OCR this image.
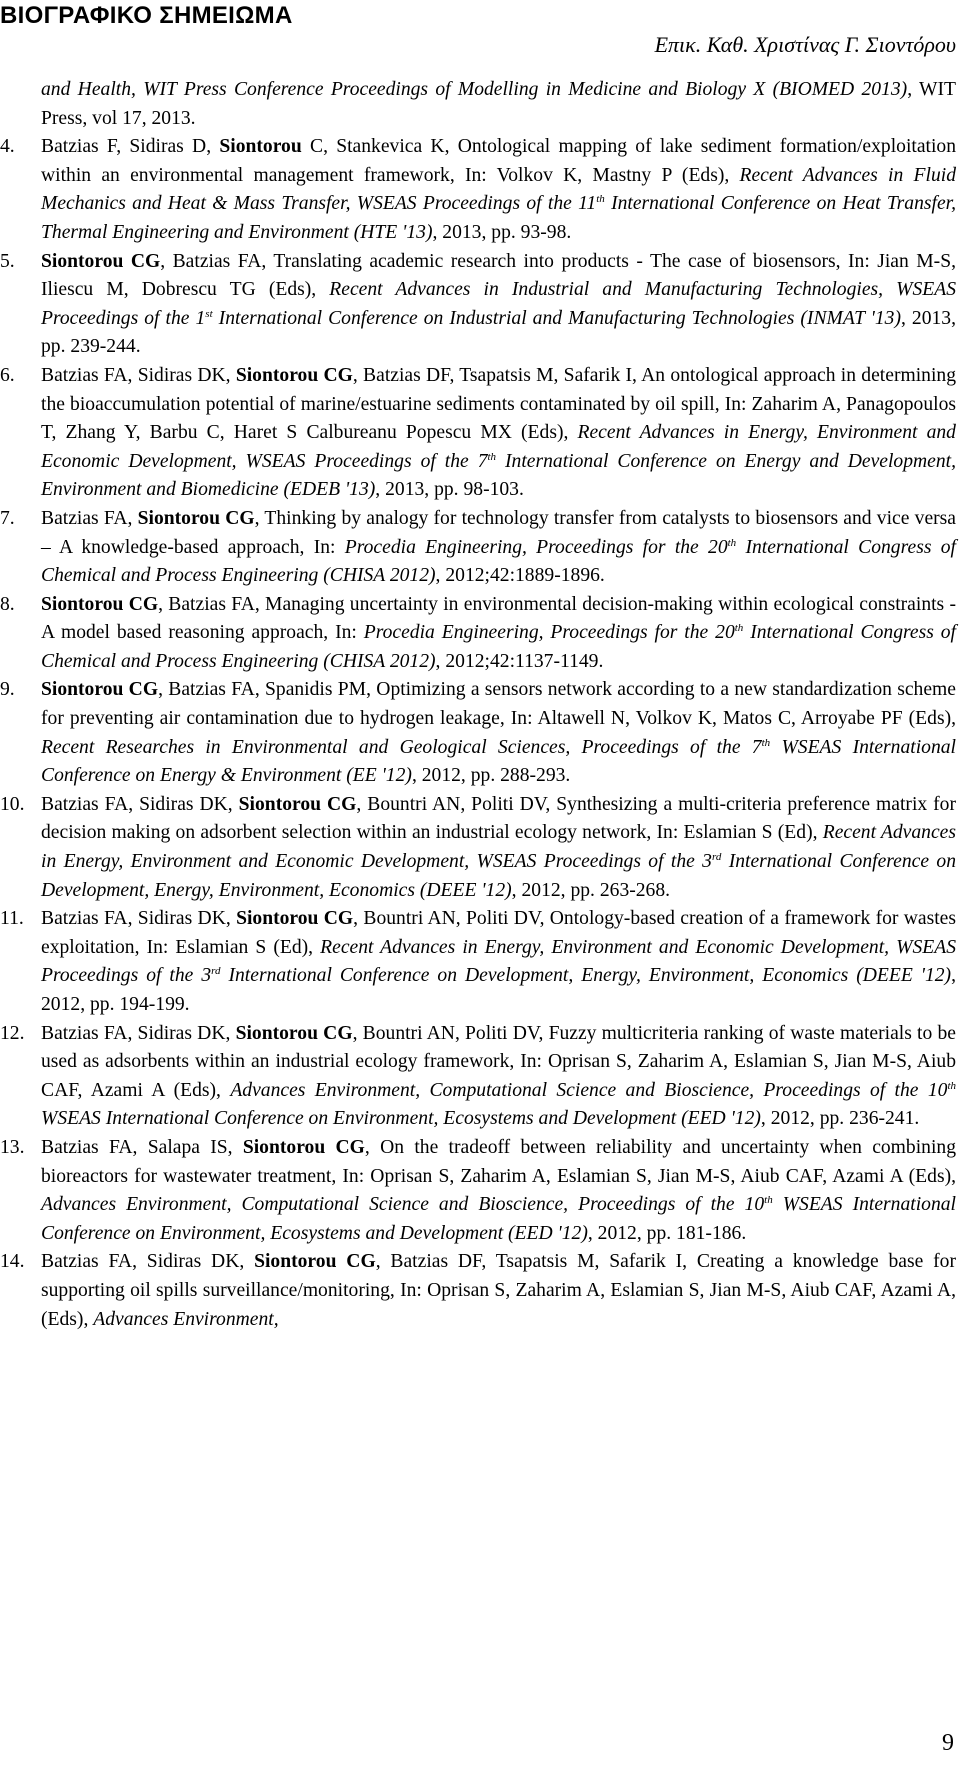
ΒΙΟΓΡΑΦΙΚΟ ΣΗΜΕΙΩΜΑ

Επικ. Καθ. Χριστίνας Γ. Σιοντόρου

and Health, WIT Press Conference Proceedings of Modelling in Medicine and Biology X (BIOMED 2013), WIT Press, vol 17, 2013.

4. Batzias F, Sidiras D, Siontorou C, Stankevica K, Ontological mapping of lake sediment formation/exploitation within an environmental management framework, In: Volkov K, Mastny P (Eds), Recent Advances in Fluid Mechanics and Heat & Mass Transfer, WSEAS Proceedings of the 11th International Conference on Heat Transfer, Thermal Engineering and Environment (HTE '13), 2013, pp. 93-98.

5. Siontorou CG, Batzias FA, Translating academic research into products - The case of biosensors, In: Jian M-S, Iliescu M, Dobrescu TG (Eds), Recent Advances in Industrial and Manufacturing Technologies, WSEAS Proceedings of the 1st International Conference on Industrial and Manufacturing Technologies (INMAT '13), 2013, pp. 239-244.

6. Batzias FA, Sidiras DK, Siontorou CG, Batzias DF, Tsapatsis M, Safarik I, An ontological approach in determining the bioaccumulation potential of marine/estuarine sediments contaminated by oil spill, In: Zaharim A, Panagopoulos T, Zhang Y, Barbu C, Haret S Calbureanu Popescu MX (Eds), Recent Advances in Energy, Environment and Economic Development, WSEAS Proceedings of the 7th International Conference on Energy and Development, Environment and Biomedicine (EDEB '13), 2013, pp. 98-103.

7. Batzias FA, Siontorou CG, Thinking by analogy for technology transfer from catalysts to biosensors and vice versa – A knowledge-based approach, In: Procedia Engineering, Proceedings for the 20th International Congress of Chemical and Process Engineering (CHISA 2012), 2012;42:1889-1896.

8. Siontorou CG, Batzias FA, Managing uncertainty in environmental decision-making within ecological constraints - A model based reasoning approach, In: Procedia Engineering, Proceedings for the 20th International Congress of Chemical and Process Engineering (CHISA 2012), 2012;42:1137-1149.

9. Siontorou CG, Batzias FA, Spanidis PM, Optimizing a sensors network according to a new standardization scheme for preventing air contamination due to hydrogen leakage, In: Altawell N, Volkov K, Matos C, Arroyabe PF (Eds), Recent Researches in Environmental and Geological Sciences, Proceedings of the 7th WSEAS International Conference on Energy & Environment (EE '12), 2012, pp. 288-293.

10. Batzias FA, Sidiras DK, Siontorou CG, Bountri AN, Politi DV, Synthesizing a multi-criteria preference matrix for decision making on adsorbent selection within an industrial ecology network, In: Eslamian S (Ed), Recent Advances in Energy, Environment and Economic Development, WSEAS Proceedings of the 3rd International Conference on Development, Energy, Environment, Economics (DEEE '12), 2012, pp. 263-268.

11. Batzias FA, Sidiras DK, Siontorou CG, Bountri AN, Politi DV, Ontology-based creation of a framework for wastes exploitation, In: Eslamian S (Ed), Recent Advances in Energy, Environment and Economic Development, WSEAS Proceedings of the 3rd International Conference on Development, Energy, Environment, Economics (DEEE '12), 2012, pp. 194-199.

12. Batzias FA, Sidiras DK, Siontorou CG, Bountri AN, Politi DV, Fuzzy multicriteria ranking of waste materials to be used as adsorbents within an industrial ecology framework, In: Oprisan S, Zaharim A, Eslamian S, Jian M-S, Aiub CAF, Azami A (Eds), Advances Environment, Computational Science and Bioscience, Proceedings of the 10th WSEAS International Conference on Environment, Ecosystems and Development (EED '12), 2012, pp. 236-241.

13. Batzias FA, Salapa IS, Siontorou CG, On the tradeoff between reliability and uncertainty when combining bioreactors for wastewater treatment, In: Oprisan S, Zaharim A, Eslamian S, Jian M-S, Aiub CAF, Azami A (Eds), Advances Environment, Computational Science and Bioscience, Proceedings of the 10th WSEAS International Conference on Environment, Ecosystems and Development (EED '12), 2012, pp. 181-186.

14. Batzias FA, Sidiras DK, Siontorou CG, Batzias DF, Tsapatsis M, Safarik I, Creating a knowledge base for supporting oil spills surveillance/monitoring, In: Oprisan S, Zaharim A, Eslamian S, Jian M-S, Aiub CAF, Azami A, (Eds), Advances Environment,

9
